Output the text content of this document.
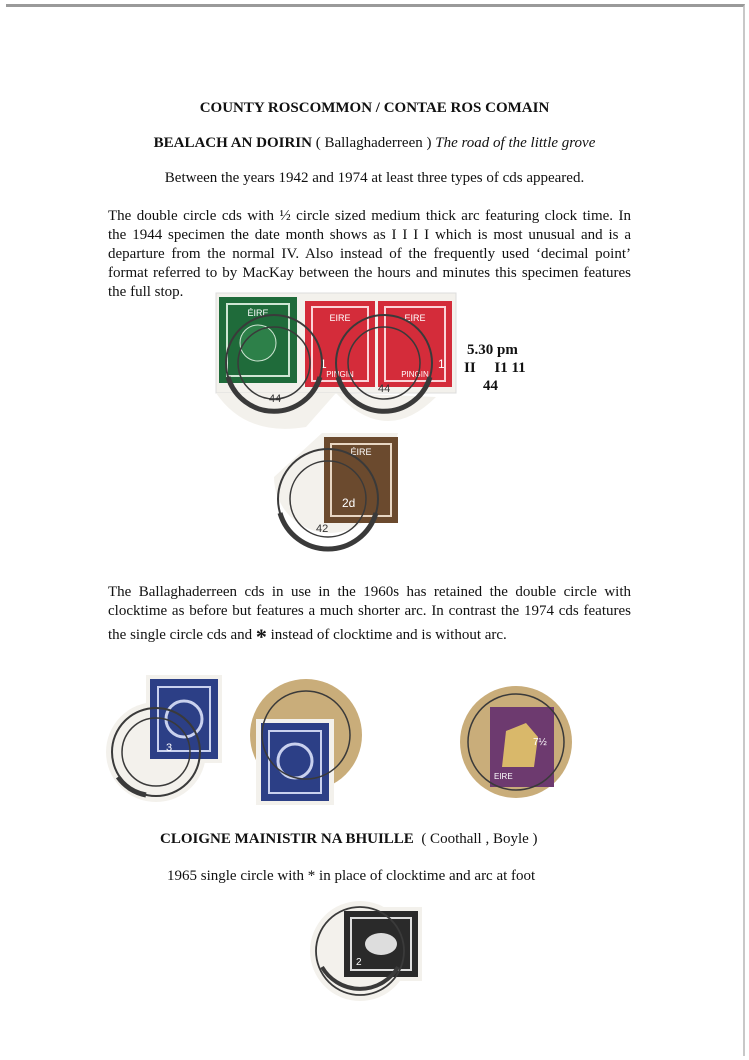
COUNTY ROSCOMMON / CONTAE ROS COMAIN
BEALACH AN DOIRIN ( Ballaghaderreen ) The road of the little grove
Between the years 1942 and 1974 at least three types of cds appeared.
The double circle cds with ½ circle sized medium thick arc featuring clock time. In
the 1944 specimen the date month shows as I I I I which is most unusual and is a
departure from the normal IV. Also instead of the frequently used ‘decimal point’
format referred to by MacKay between the hours and minutes this specimen features
the full stop.
5.30 pm
II     I1 11
44
The Ballaghaderreen cds in use in the 1960s has retained the double circle with
clocktime as before but features a much shorter arc. In contrast the 1974 cds features
the single circle cds and * instead of clocktime and is without arc.
CLOIGNE MAINISTIR NA BHUILLE ( Coothall , Boyle )
1965 single circle with * in place of clocktime and arc at foot
ÉIRE	EIRE	EIRE
PINGIN	PINGIN
1	1
44
44
ÉIRE
2d
42
3
EIRE
7½
2
